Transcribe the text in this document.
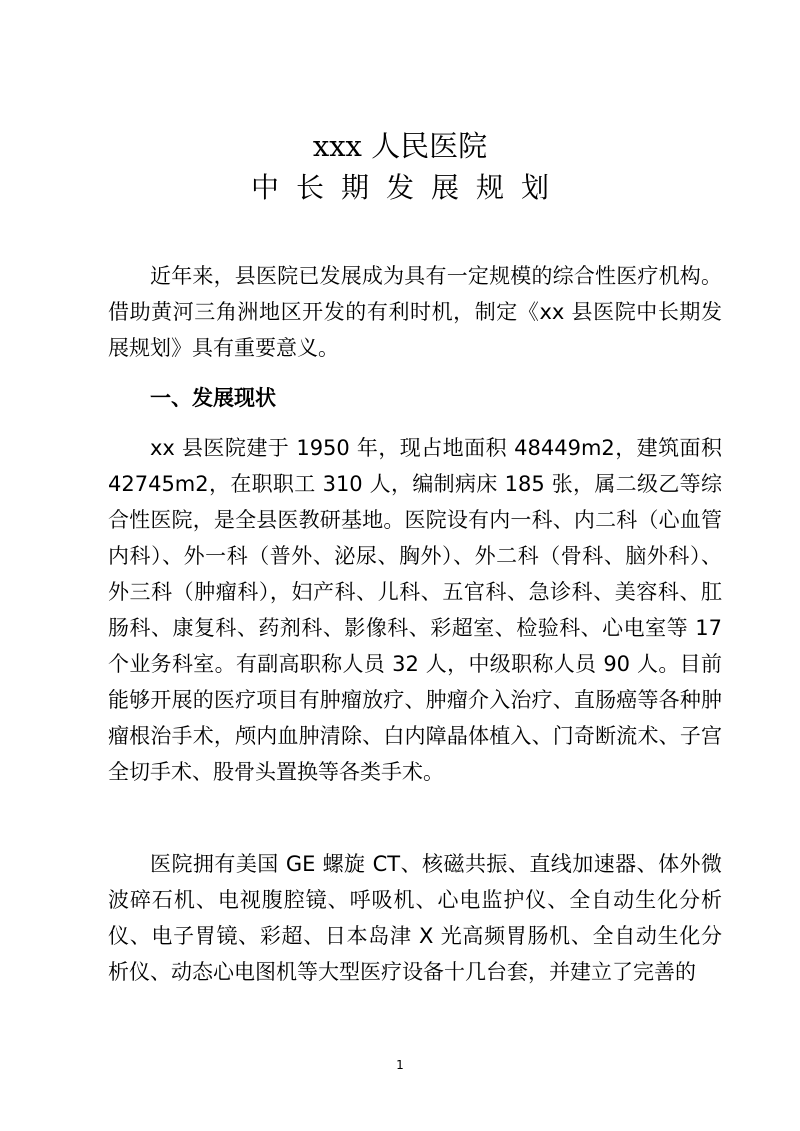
xxx 人民医院
中长期发展规划

近年来，县医院已发展成为具有一定规模的综合性医疗机构。借助黄河三角洲地区开发的有利时机，制定《xx 县医院中长期发展规划》具有重要意义。

一、发展现状

xx 县医院建于 1950 年，现占地面积 48449m2，建筑面积 42745m2，在职职工 310 人，编制病床 185 张，属二级乙等综合性医院，是全县医教研基地。医院设有内一科、内二科（心血管内科）、外一科（普外、泌尿、胸外）、外二科（骨科、脑外科）、外三科（肿瘤科），妇产科、儿科、五官科、急诊科、美容科、肛肠科、康复科、药剂科、影像科、彩超室、检验科、心电室等 17 个业务科室。有副高职称人员 32 人，中级职称人员 90 人。目前能够开展的医疗项目有肿瘤放疗、肿瘤介入治疗、直肠癌等各种肿瘤根治手术，颅内血肿清除、白内障晶体植入、门奇断流术、子宫全切手术、股骨头置换等各类手术。

医院拥有美国 GE 螺旋 CT、核磁共振、直线加速器、体外微波碎石机、电视腹腔镜、呼吸机、心电监护仪、全自动生化分析仪、电子胃镜、彩超、日本岛津 X 光高频胃肠机、全自动生化分析仪、动态心电图机等大型医疗设备十几台套，并建立了完善的

1
